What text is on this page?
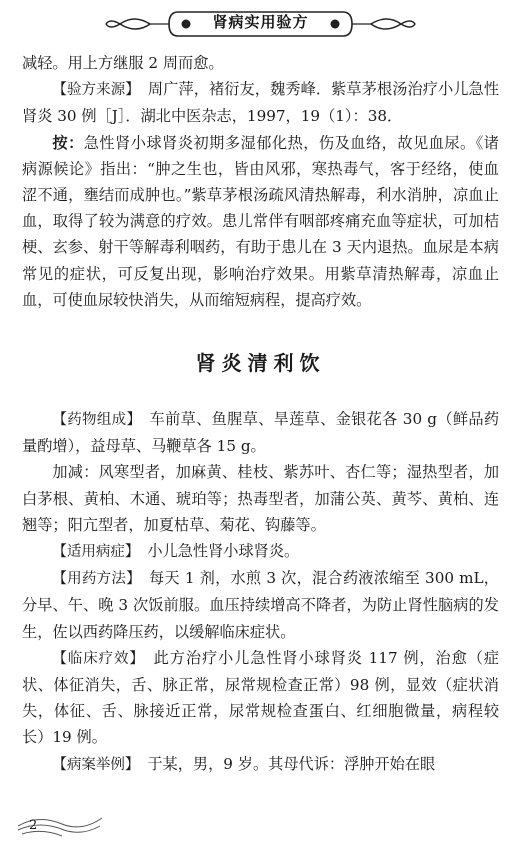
肾病实用验方

减轻。用上方继服 2 周而愈。

【验方来源】　周广萍，褚衍友，魏秀峰．紫草茅根汤治疗小儿急性肾炎 30 例［J］．湖北中医杂志，1997，19（1）：38．

按：急性肾小球肾炎初期多湿郁化热，伤及血络，故见血尿。《诸病源候论》指出：“肿之生也，皆由风邪，寒热毒气，客于经络，使血涩不通，壅结而成肿也。”紫草茅根汤疏风清热解毒，利水消肿，凉血止血，取得了较为满意的疗效。患儿常伴有咽部疼痛充血等症状，可加桔梗、玄参、射干等解毒利咽药，有助于患儿在 3 天内退热。血尿是本病常见的症状，可反复出现，影响治疗效果。用紫草清热解毒，凉血止血，可使血尿较快消失，从而缩短病程，提高疗效。

肾炎清利饮

【药物组成】　车前草、鱼腥草、旱莲草、金银花各 30 g（鲜品药量酌增），益母草、马鞭草各 15 g。

加减：风寒型者，加麻黄、桂枝、紫苏叶、杏仁等；湿热型者，加白茅根、黄柏、木通、琥珀等；热毒型者，加蒲公英、黄芩、黄柏、连翘等；阳亢型者，加夏枯草、菊花、钩藤等。

【适用病症】　小儿急性肾小球肾炎。

【用药方法】　每天 1 剂，水煎 3 次，混合药液浓缩至 300 mL，分早、午、晚 3 次饭前服。血压持续增高不降者，为防止肾性脑病的发生，佐以西药降压药，以缓解临床症状。

【临床疗效】　此方治疗小儿急性肾小球肾炎 117 例，治愈（症状、体征消失，舌、脉正常，尿常规检查正常）98 例，显效（症状消失，体征、舌、脉接近正常，尿常规检查蛋白、红细胞微量，病程较长）19 例。

【病案举例】　于某，男，9 岁。其母代诉：浮肿开始在眼

2
